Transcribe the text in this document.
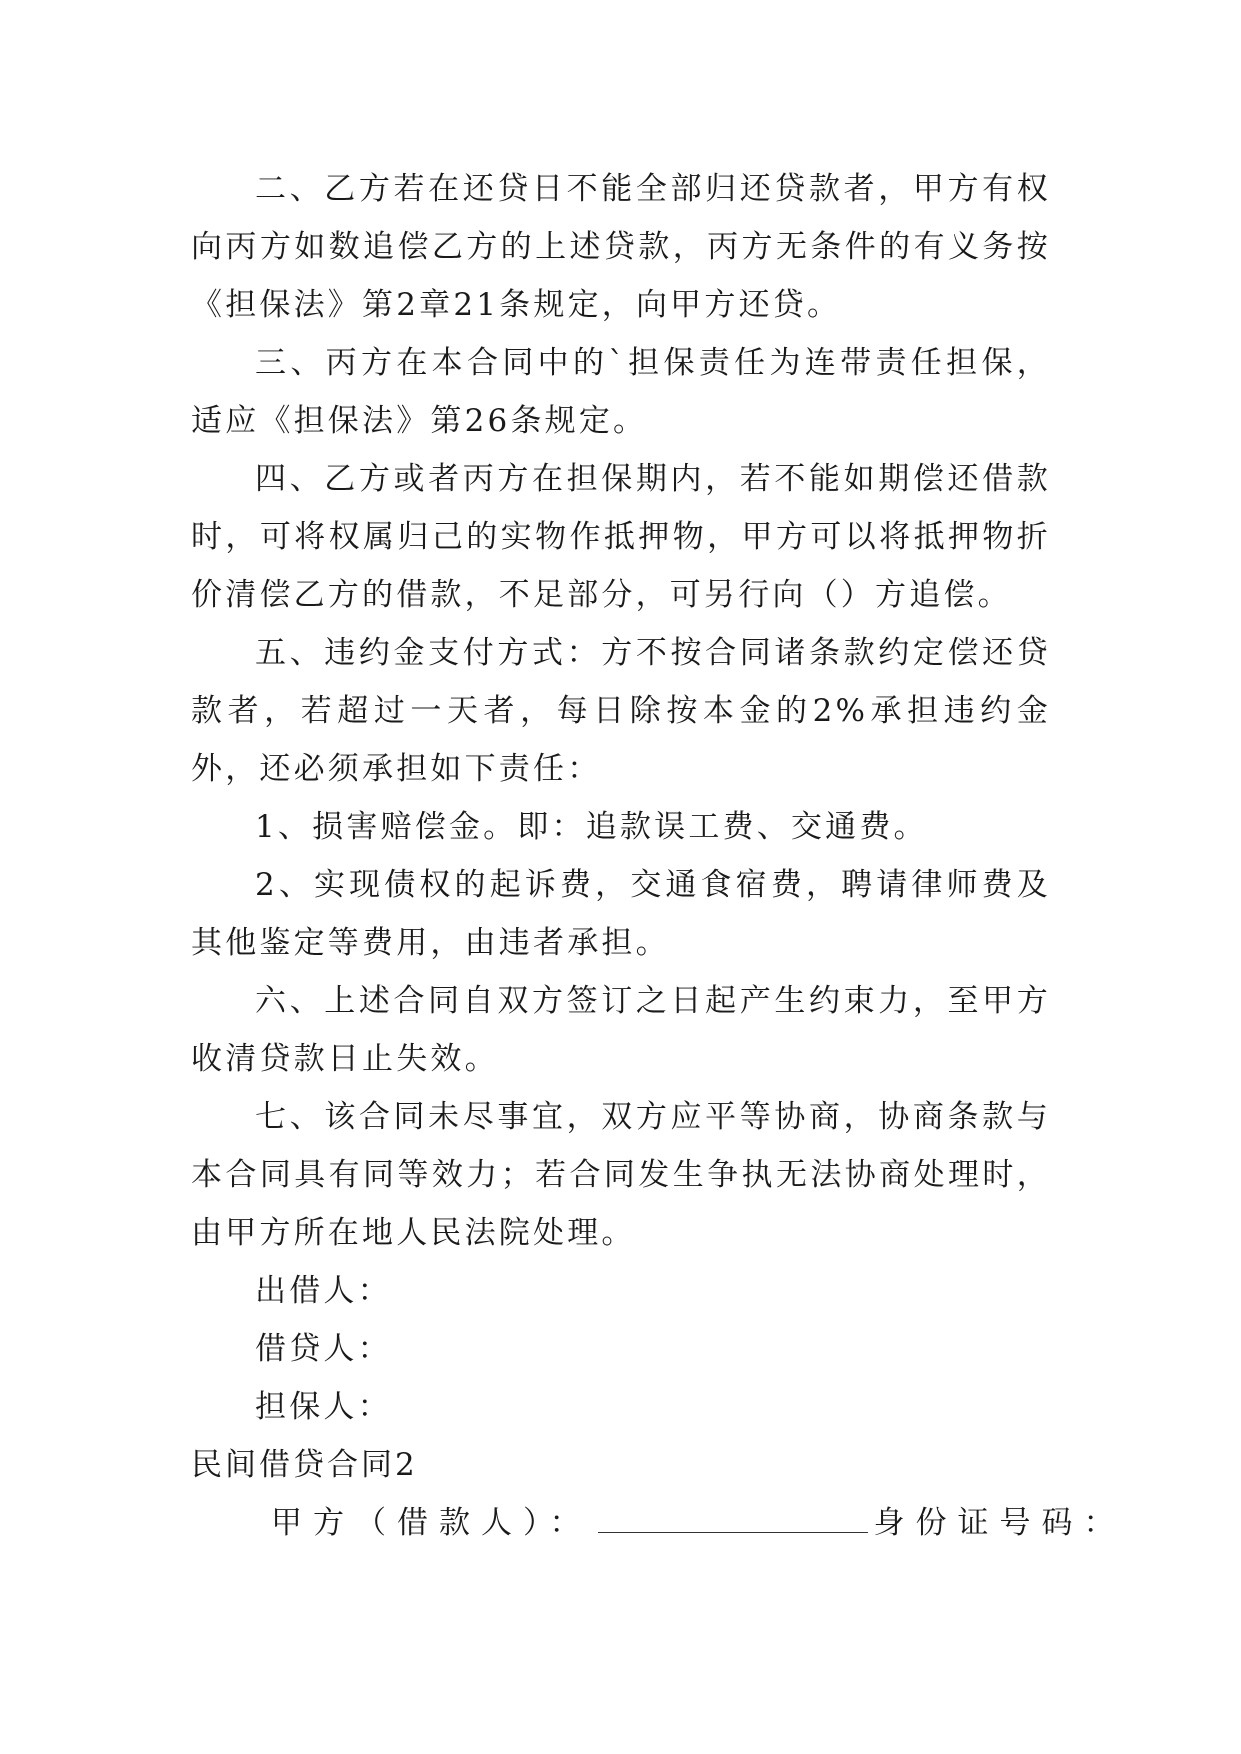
二、乙方若在还贷日不能全部归还贷款者，甲方有权向丙方如数追偿乙方的上述贷款，丙方无条件的有义务按《担保法》第2章21条规定，向甲方还贷。

三、丙方在本合同中的`担保责任为连带责任担保，适应《担保法》第26条规定。

四、乙方或者丙方在担保期内，若不能如期偿还借款时，可将权属归己的实物作抵押物，甲方可以将抵押物折价清偿乙方的借款，不足部分，可另行向（）方追偿。

五、违约金支付方式：方不按合同诸条款约定偿还贷款者，若超过一天者，每日除按本金的2%承担违约金外，还必须承担如下责任：

1、损害赔偿金。即：追款误工费、交通费。

2、实现债权的起诉费，交通食宿费，聘请律师费及其他鉴定等费用，由违者承担。

六、上述合同自双方签订之日起产生约束力，至甲方收清贷款日止失效。

七、该合同未尽事宜，双方应平等协商，协商条款与本合同具有同等效力；若合同发生争执无法协商处理时，由甲方所在地人民法院处理。

出借人：

借贷人：

担保人：

民间借贷合同2

甲方（借款人）：	身份证号码：
